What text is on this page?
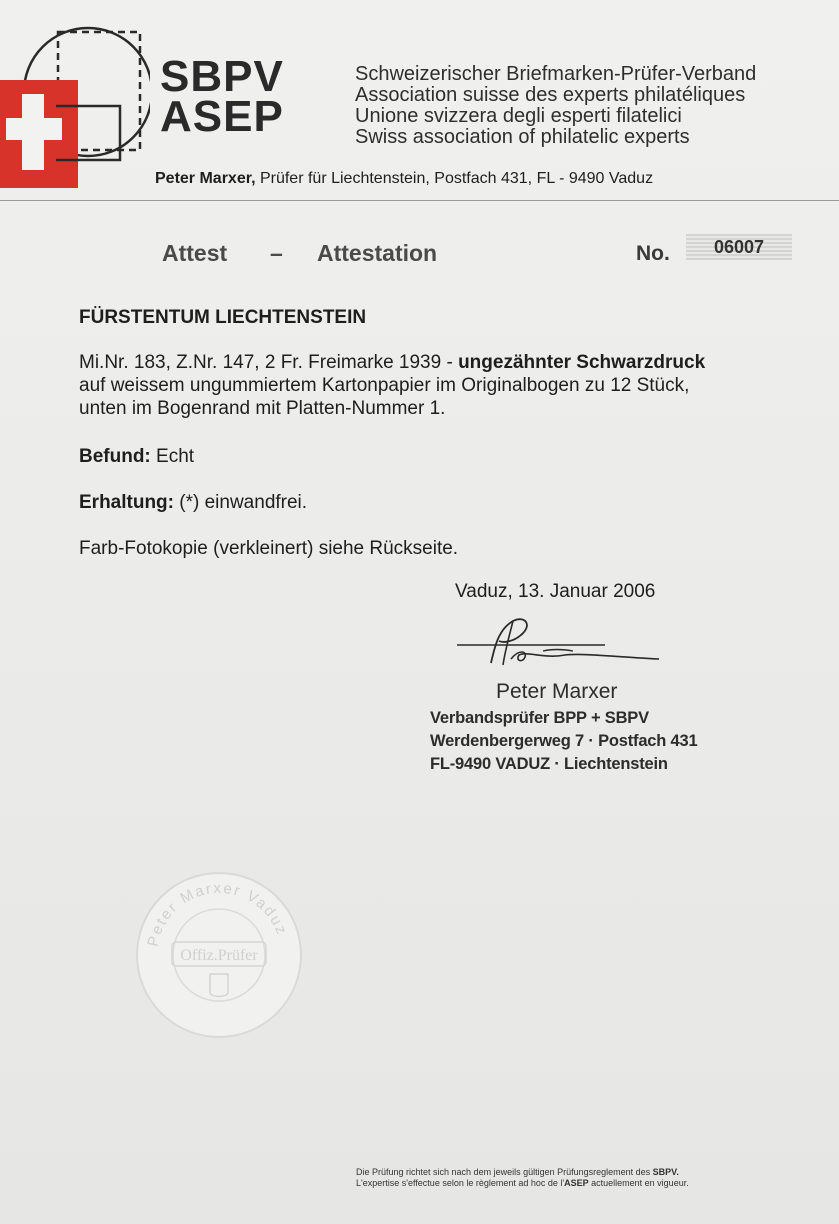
SBPV
ASEP
Schweizerischer Briefmarken-Prüfer-Verband
Association suisse des experts philatéliques
Unione svizzera degli esperti filatelici
Swiss association of philatelic experts
Peter Marxer, Prüfer für Liechtenstein, Postfach 431, FL - 9490 Vaduz
Attest – Attestation	No.	06007
FÜRSTENTUM LIECHTENSTEIN
Mi.Nr. 183, Z.Nr. 147, 2 Fr. Freimarke 1939 - ungezähnter Schwarzdruck
auf weissem ungummiertem Kartonpapier im Originalbogen zu 12 Stück,
unten im Bogenrand mit Platten-Nummer 1.
Befund: Echt
Erhaltung: (*) einwandfrei.
Farb-Fotokopie (verkleinert) siehe Rückseite.
Vaduz, 13. Januar 2006
Peter Marxer
Verbandsprüfer BPP + SBPV
Werdenbergerweg 7 · Postfach 431
FL-9490 VADUZ · Liechtenstein
Peter Marxer Vaduz
Offiz.Prüfer
Die Prüfung richtet sich nach dem jeweils gültigen Prüfungsreglement des SBPV.
L'expertise s'effectue selon le règlement ad hoc de l'ASEP actuellement en vigueur.
